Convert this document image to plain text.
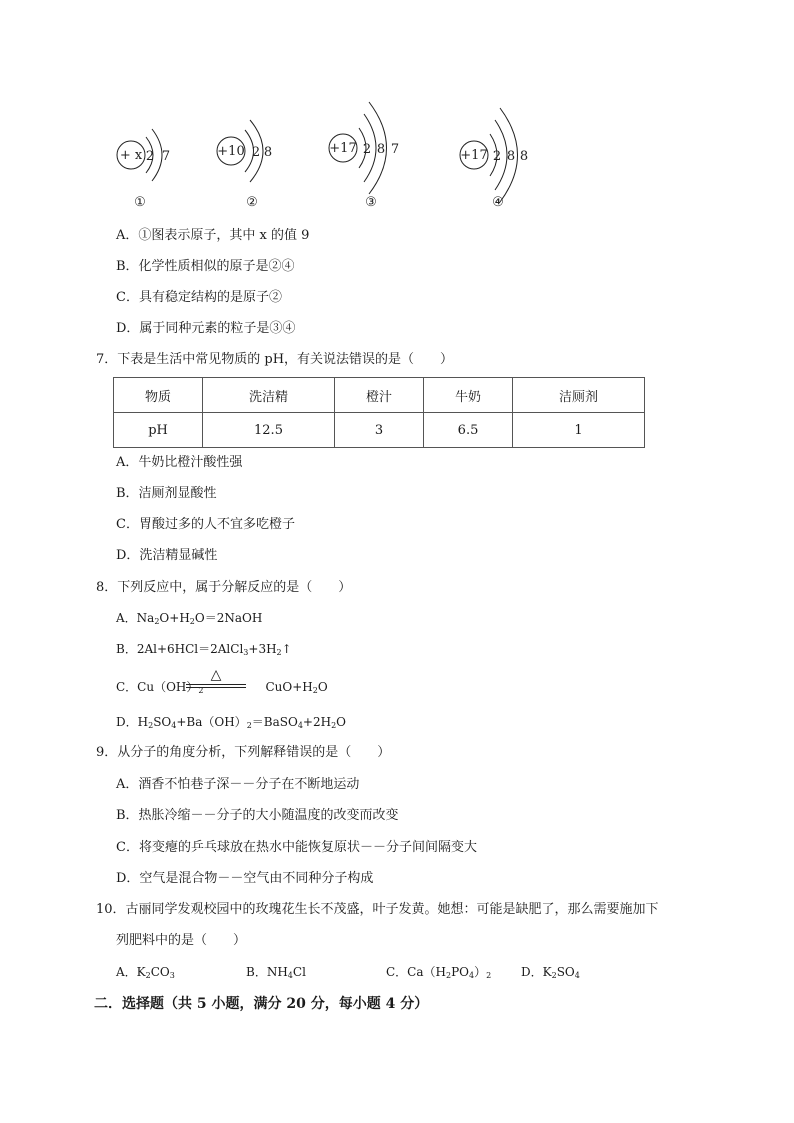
+ x 2 7
①
+10 2 8
②
+17 2 8 7
③
+17 2 8 8
④
A．①图表示原子，其中 x 的值 9
B．化学性质相似的原子是②④
C．具有稳定结构的是原子②
D．属于同种元素的粒子是③④
7．下表是生活中常见物质的 pH，有关说法错误的是（　　）
物质	洗洁精	橙汁	牛奶	洁厕剂
pH	12.5	3	6.5	1
A．牛奶比橙汁酸性强
B．洁厕剂显酸性
C．胃酸过多的人不宜多吃橙子
D．洗洁精显碱性
8．下列反应中，属于分解反应的是（　　）
A．$Na_2O+H_2O=2NaOH$
B．$2Al+6HCl=2AlCl_3+3H_2↑$
C．$Cu(OH)_2$	$CuO+H_2O$
△
D．$H_2SO_4+Ba(OH)_2=BaSO_4+2H_2O$
9．从分子的角度分析，下列解释错误的是（　　）
A．酒香不怕巷子深－－分子在不断地运动
B．热胀冷缩－－分子的大小随温度的改变而改变
C．将变瘪的乒乓球放在热水中能恢复原状－－分子间间隔变大
D．空气是混合物－－空气由不同种分子构成
10．古丽同学发观校园中的玫瑰花生长不茂盛，叶子发黄。她想：可能是缺肥了，那么需要施加下
列肥料中的是（　　）
A．$K_2CO_3$	B．$NH_4Cl$	C．$Ca(H_2PO_4)_2$ D．$K_2SO_4$
二．选择题（共 5 小题，满分 20 分，每小题 4 分）
